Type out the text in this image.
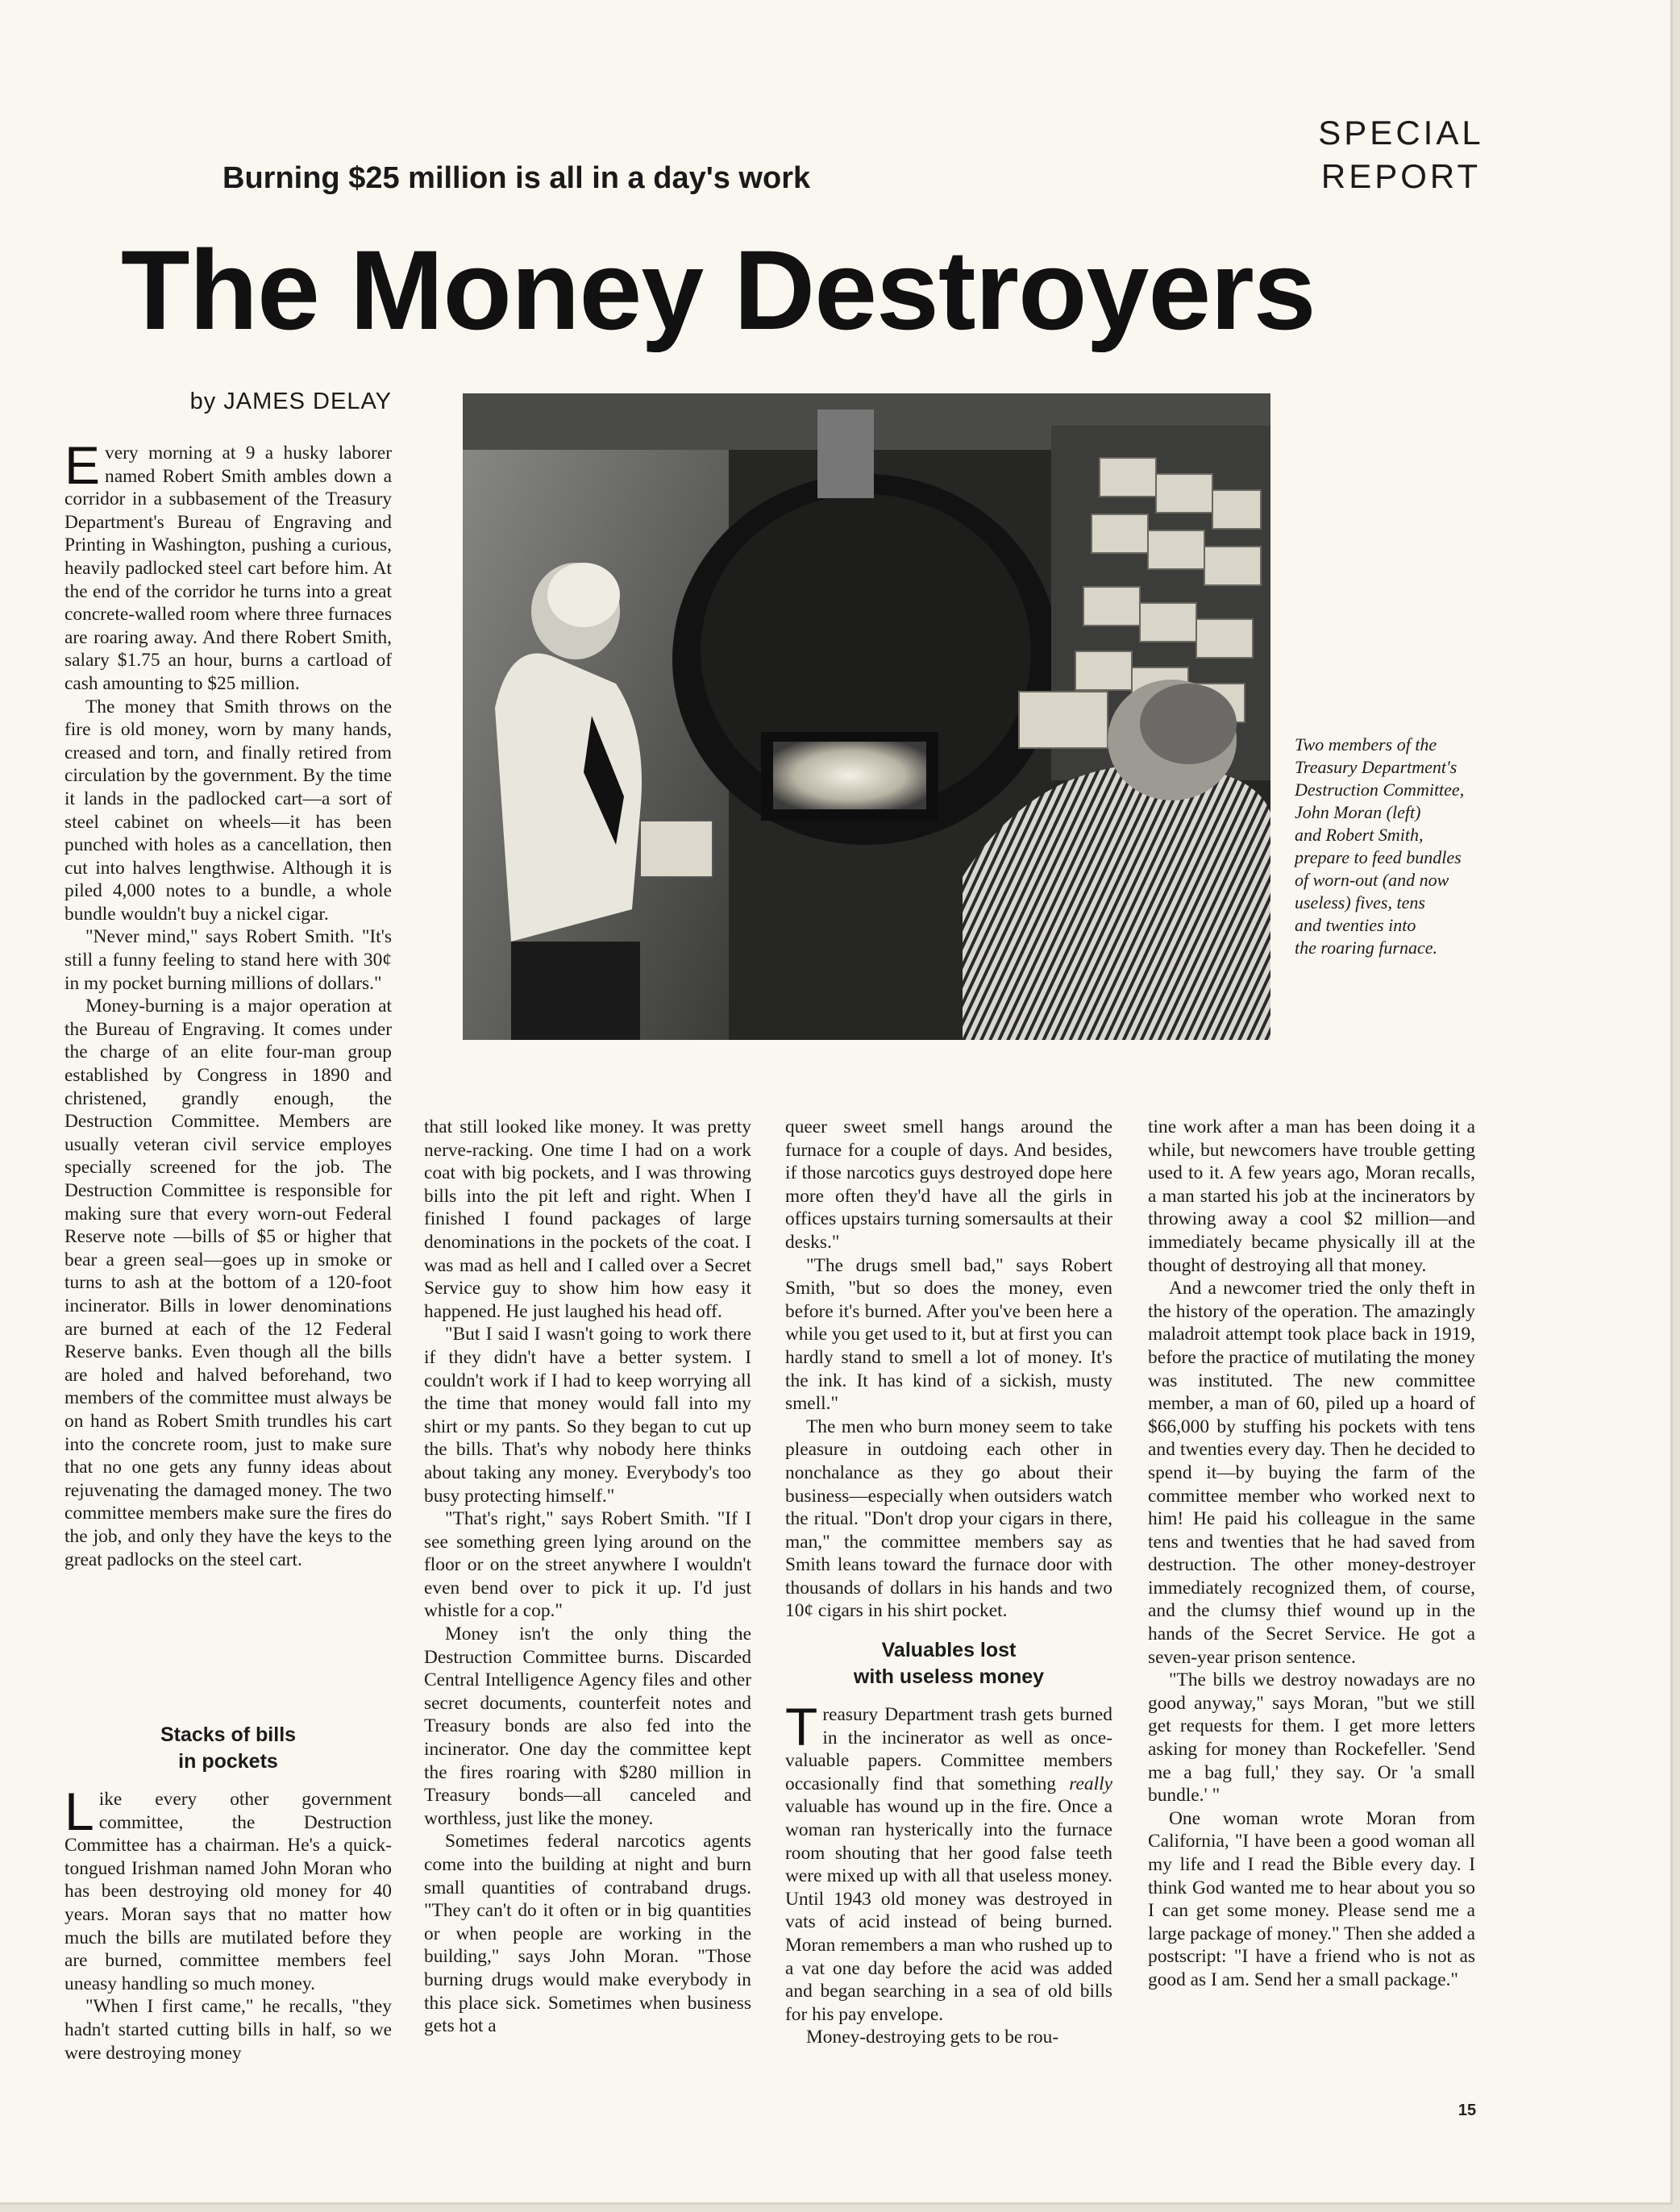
SPECIAL
REPORT
Burning $25 million is all in a day's work
The Money Destroyers
by JAMES DELAY

Every morning at 9 a husky laborer named Robert Smith ambles down a corridor in a subbasement of the Treasury Department's Bureau of Engraving and Printing in Washington, pushing a curious, heavily padlocked steel cart before him. At the end of the corridor he turns into a great concrete-walled room where three furnaces are roaring away. And there Robert Smith, salary $1.75 an hour, burns a cartload of cash amounting to $25 million.

The money that Smith throws on the fire is old money, worn by many hands, creased and torn, and finally retired from circulation by the government. By the time it lands in the padlocked cart—a sort of steel cabinet on wheels—it has been punched with holes as a cancellation, then cut into halves lengthwise. Although it is piled 4,000 notes to a bundle, a whole bundle wouldn't buy a nickel cigar.

"Never mind," says Robert Smith. "It's still a funny feeling to stand here with 30¢ in my pocket burning millions of dollars."

Money-burning is a major operation at the Bureau of Engraving. It comes under the charge of an elite four-man group established by Congress in 1890 and christened, grandly enough, the Destruction Committee. Members are usually veteran civil service employes specially screened for the job. The Destruction Committee is responsible for making sure that every worn-out Federal Reserve note —bills of $5 or higher that bear a green seal—goes up in smoke or turns to ash at the bottom of a 120-foot incinerator. Bills in lower denominations are burned at each of the 12 Federal Reserve banks. Even though all the bills are holed and halved beforehand, two members of the committee must always be on hand as Robert Smith trundles his cart into the concrete room, just to make sure that no one gets any funny ideas about rejuvenating the damaged money. The two committee members make sure the fires do the job, and only they have the keys to the great padlocks on the steel cart.

Stacks of bills
in pockets

Like every other government committee, the Destruction Committee has a chairman. He's a quick-tongued Irishman named John Moran who has been destroying old money for 40 years. Moran says that no matter how much the bills are mutilated before they are burned, committee members feel uneasy handling so much money.

"When I first came," he recalls, "they hadn't started cutting bills in half, so we were destroying money

Two members of the
Treasury Department's
Destruction Committee,
John Moran (left)
and Robert Smith,
prepare to feed bundles
of worn-out (and now
useless) fives, tens
and twenties into
the roaring furnace.

that still looked like money. It was pretty nerve-racking. One time I had on a work coat with big pockets, and I was throwing bills into the pit left and right. When I finished I found packages of large denominations in the pockets of the coat. I was mad as hell and I called over a Secret Service guy to show him how easy it happened. He just laughed his head off.

"But I said I wasn't going to work there if they didn't have a better system. I couldn't work if I had to keep worrying all the time that money would fall into my shirt or my pants. So they began to cut up the bills. That's why nobody here thinks about taking any money. Everybody's too busy protecting himself."

"That's right," says Robert Smith. "If I see something green lying around on the floor or on the street anywhere I wouldn't even bend over to pick it up. I'd just whistle for a cop."

Money isn't the only thing the Destruction Committee burns. Discarded Central Intelligence Agency files and other secret documents, counterfeit notes and Treasury bonds are also fed into the incinerator. One day the committee kept the fires roaring with $280 million in Treasury bonds—all canceled and worthless, just like the money.

Sometimes federal narcotics agents come into the building at night and burn small quantities of contraband drugs. "They can't do it often or in big quantities or when people are working in the building," says John Moran. "Those burning drugs would make everybody in this place sick. Sometimes when business gets hot a

queer sweet smell hangs around the furnace for a couple of days. And besides, if those narcotics guys destroyed dope here more often they'd have all the girls in offices upstairs turning somersaults at their desks."

"The drugs smell bad," says Robert Smith, "but so does the money, even before it's burned. After you've been here a while you get used to it, but at first you can hardly stand to smell a lot of money. It's the ink. It has kind of a sickish, musty smell."

The men who burn money seem to take pleasure in outdoing each other in nonchalance as they go about their business—especially when outsiders watch the ritual. "Don't drop your cigars in there, man," the committee members say as Smith leans toward the furnace door with thousands of dollars in his hands and two 10¢ cigars in his shirt pocket.

Valuables lost
with useless money

Treasury Department trash gets burned in the incinerator as well as once-valuable papers. Committee members occasionally find that something really valuable has wound up in the fire. Once a woman ran hysterically into the furnace room shouting that her good false teeth were mixed up with all that useless money. Until 1943 old money was destroyed in vats of acid instead of being burned. Moran remembers a man who rushed up to a vat one day before the acid was added and began searching in a sea of old bills for his pay envelope.

Money-destroying gets to be rou-

tine work after a man has been doing it a while, but newcomers have trouble getting used to it. A few years ago, Moran recalls, a man started his job at the incinerators by throwing away a cool $2 million—and immediately became physically ill at the thought of destroying all that money.

And a newcomer tried the only theft in the history of the operation. The amazingly maladroit attempt took place back in 1919, before the practice of mutilating the money was instituted. The new committee member, a man of 60, piled up a hoard of $66,000 by stuffing his pockets with tens and twenties every day. Then he decided to spend it—by buying the farm of the committee member who worked next to him! He paid his colleague in the same tens and twenties that he had saved from destruction. The other money-destroyer immediately recognized them, of course, and the clumsy thief wound up in the hands of the Secret Service. He got a seven-year prison sentence.

"The bills we destroy nowadays are no good anyway," says Moran, "but we still get requests for them. I get more letters asking for money than Rockefeller. 'Send me a bag full,' they say. Or 'a small bundle.' "

One woman wrote Moran from California, "I have been a good woman all my life and I read the Bible every day. I think God wanted me to hear about you so I can get some money. Please send me a large package of money." Then she added a postscript: "I have a friend who is not as good as I am. Send her a small package."

15
